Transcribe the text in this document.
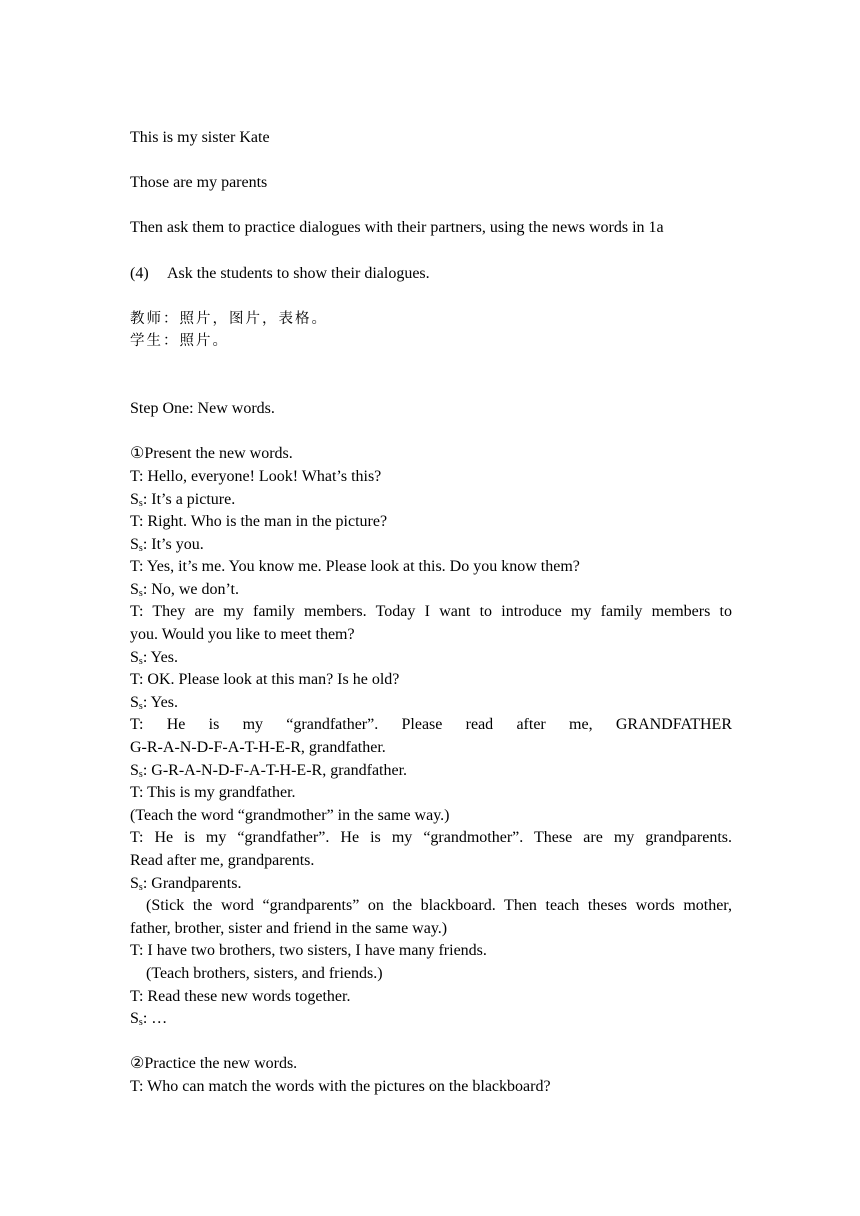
This is my sister Kate

Those are my parents

Then ask them to practice dialogues with their partners, using the news words in 1a

(4) Ask the students to show their dialogues.

教师：照片，图片，表格。

学生：照片。

Step One: New words.

①Present the new words.

T: Hello, everyone! Look! What’s this?

$S_s$: It’s a picture.

T: Right. Who is the man in the picture?

$S_s$: It’s you.

T: Yes, it’s me. You know me. Please look at this. Do you know them?

$S_s$: No, we don’t.

T: They are my family members. Today I want to introduce my family members to

you. Would you like to meet them?

$S_s$: Yes.

T: OK. Please look at this man? Is he old?

$S_s$: Yes.

T: He is my “grandfather”. Please read after me, GRANDFATHER

G-R-A-N-D-F-A-T-H-E-R, grandfather.

$S_s$: G-R-A-N-D-F-A-T-H-E-R, grandfather.

T: This is my grandfather.

(Teach the word “grandmother” in the same way.)

T: He is my “grandfather”. He is my “grandmother”. These are my grandparents.

Read after me, grandparents.

$S_s$: Grandparents.

(Stick the word “grandparents” on the blackboard. Then teach theses words mother,

father, brother, sister and friend in the same way.)

T: I have two brothers, two sisters, I have many friends.

(Teach brothers, sisters, and friends.)

T: Read these new words together.

$S_s$: …

②Practice the new words.

T: Who can match the words with the pictures on the blackboard?
